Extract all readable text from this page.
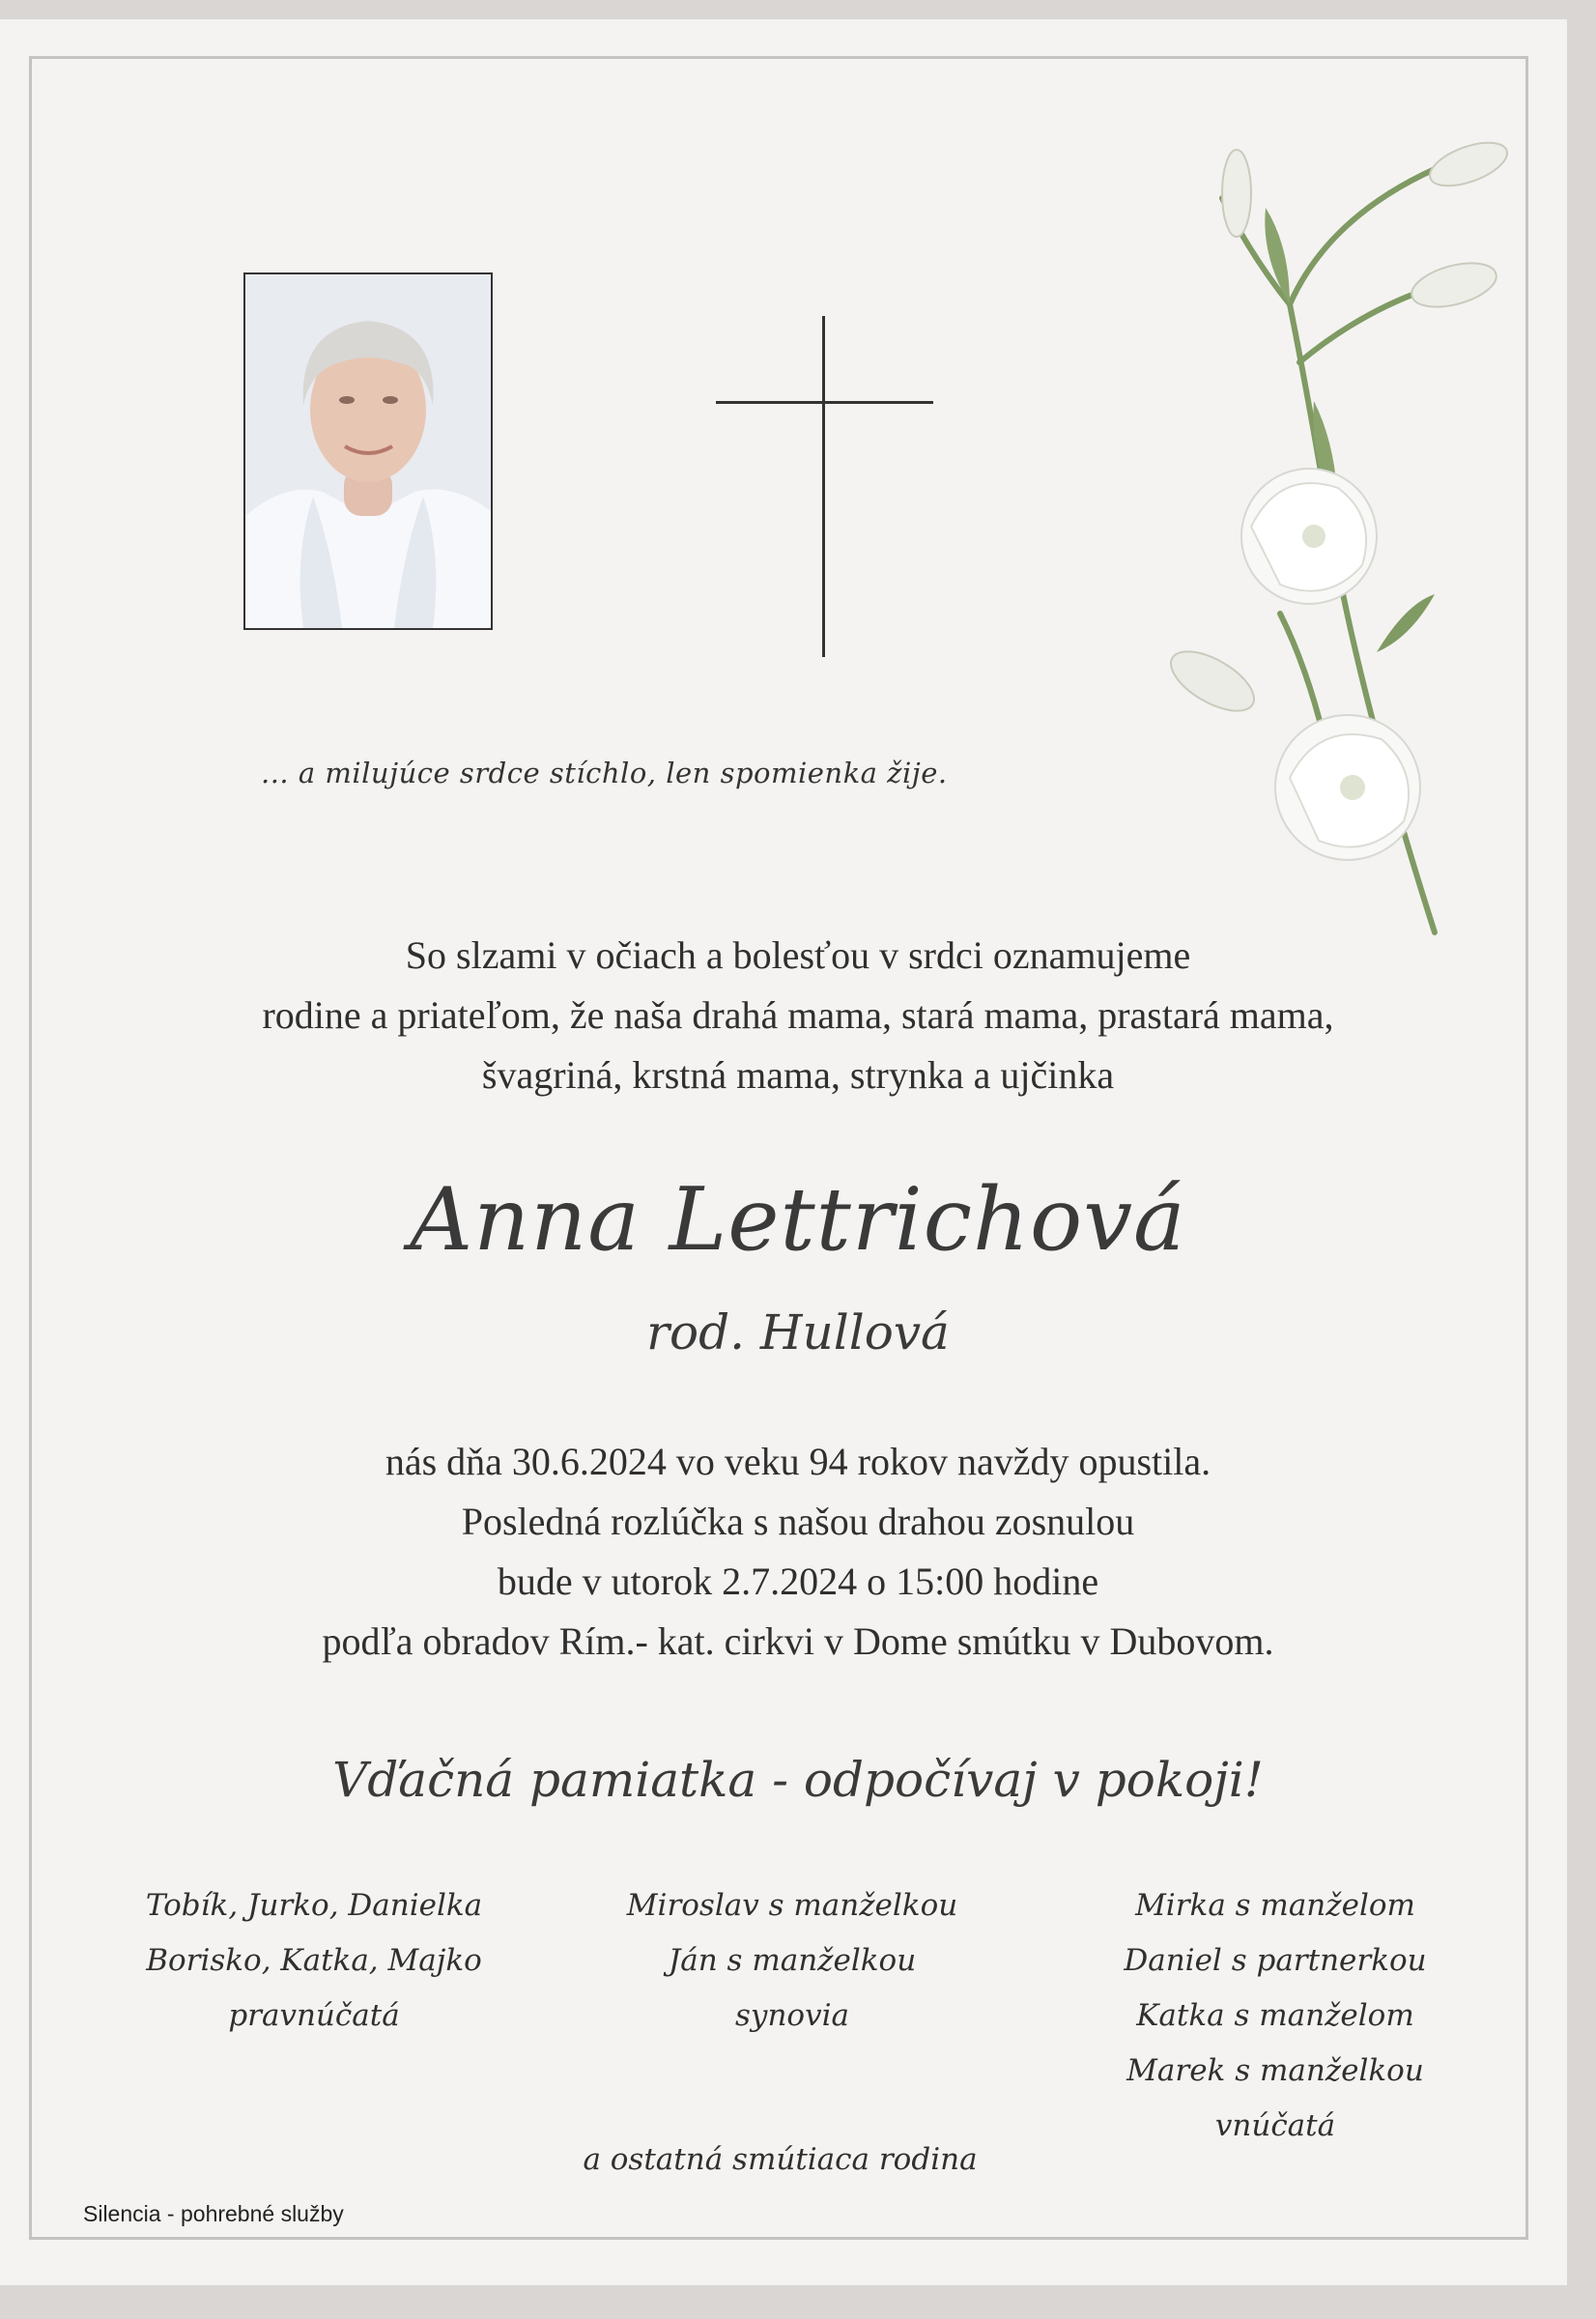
... a milujúce srdce stíchlo, len spomienka žije.
So slzami v očiach a bolesťou v srdci oznamujeme
rodine a priateľom, že naša drahá mama, stará mama, prastará mama,
švagriná, krstná mama, strynka a ujčinka
Anna Lettrichová
rod. Hullová
nás dňa 30.6.2024 vo veku 94 rokov navždy opustila.
Posledná rozlúčka s našou drahou zosnulou
bude v utorok 2.7.2024 o 15:00 hodine
podľa obradov Rím.- kat. cirkvi v Dome smútku v Dubovom.
Vďačná pamiatka - odpočívaj v pokoji!
Tobík, Jurko, Danielka
Borisko, Katka, Majko
pravnúčatá
Miroslav s manželkou
Ján s manželkou
synovia
Mirka s manželom
Daniel s partnerkou
Katka s manželom
Marek s manželkou
vnúčatá
a ostatná smútiaca rodina
Silencia - pohrebné služby
